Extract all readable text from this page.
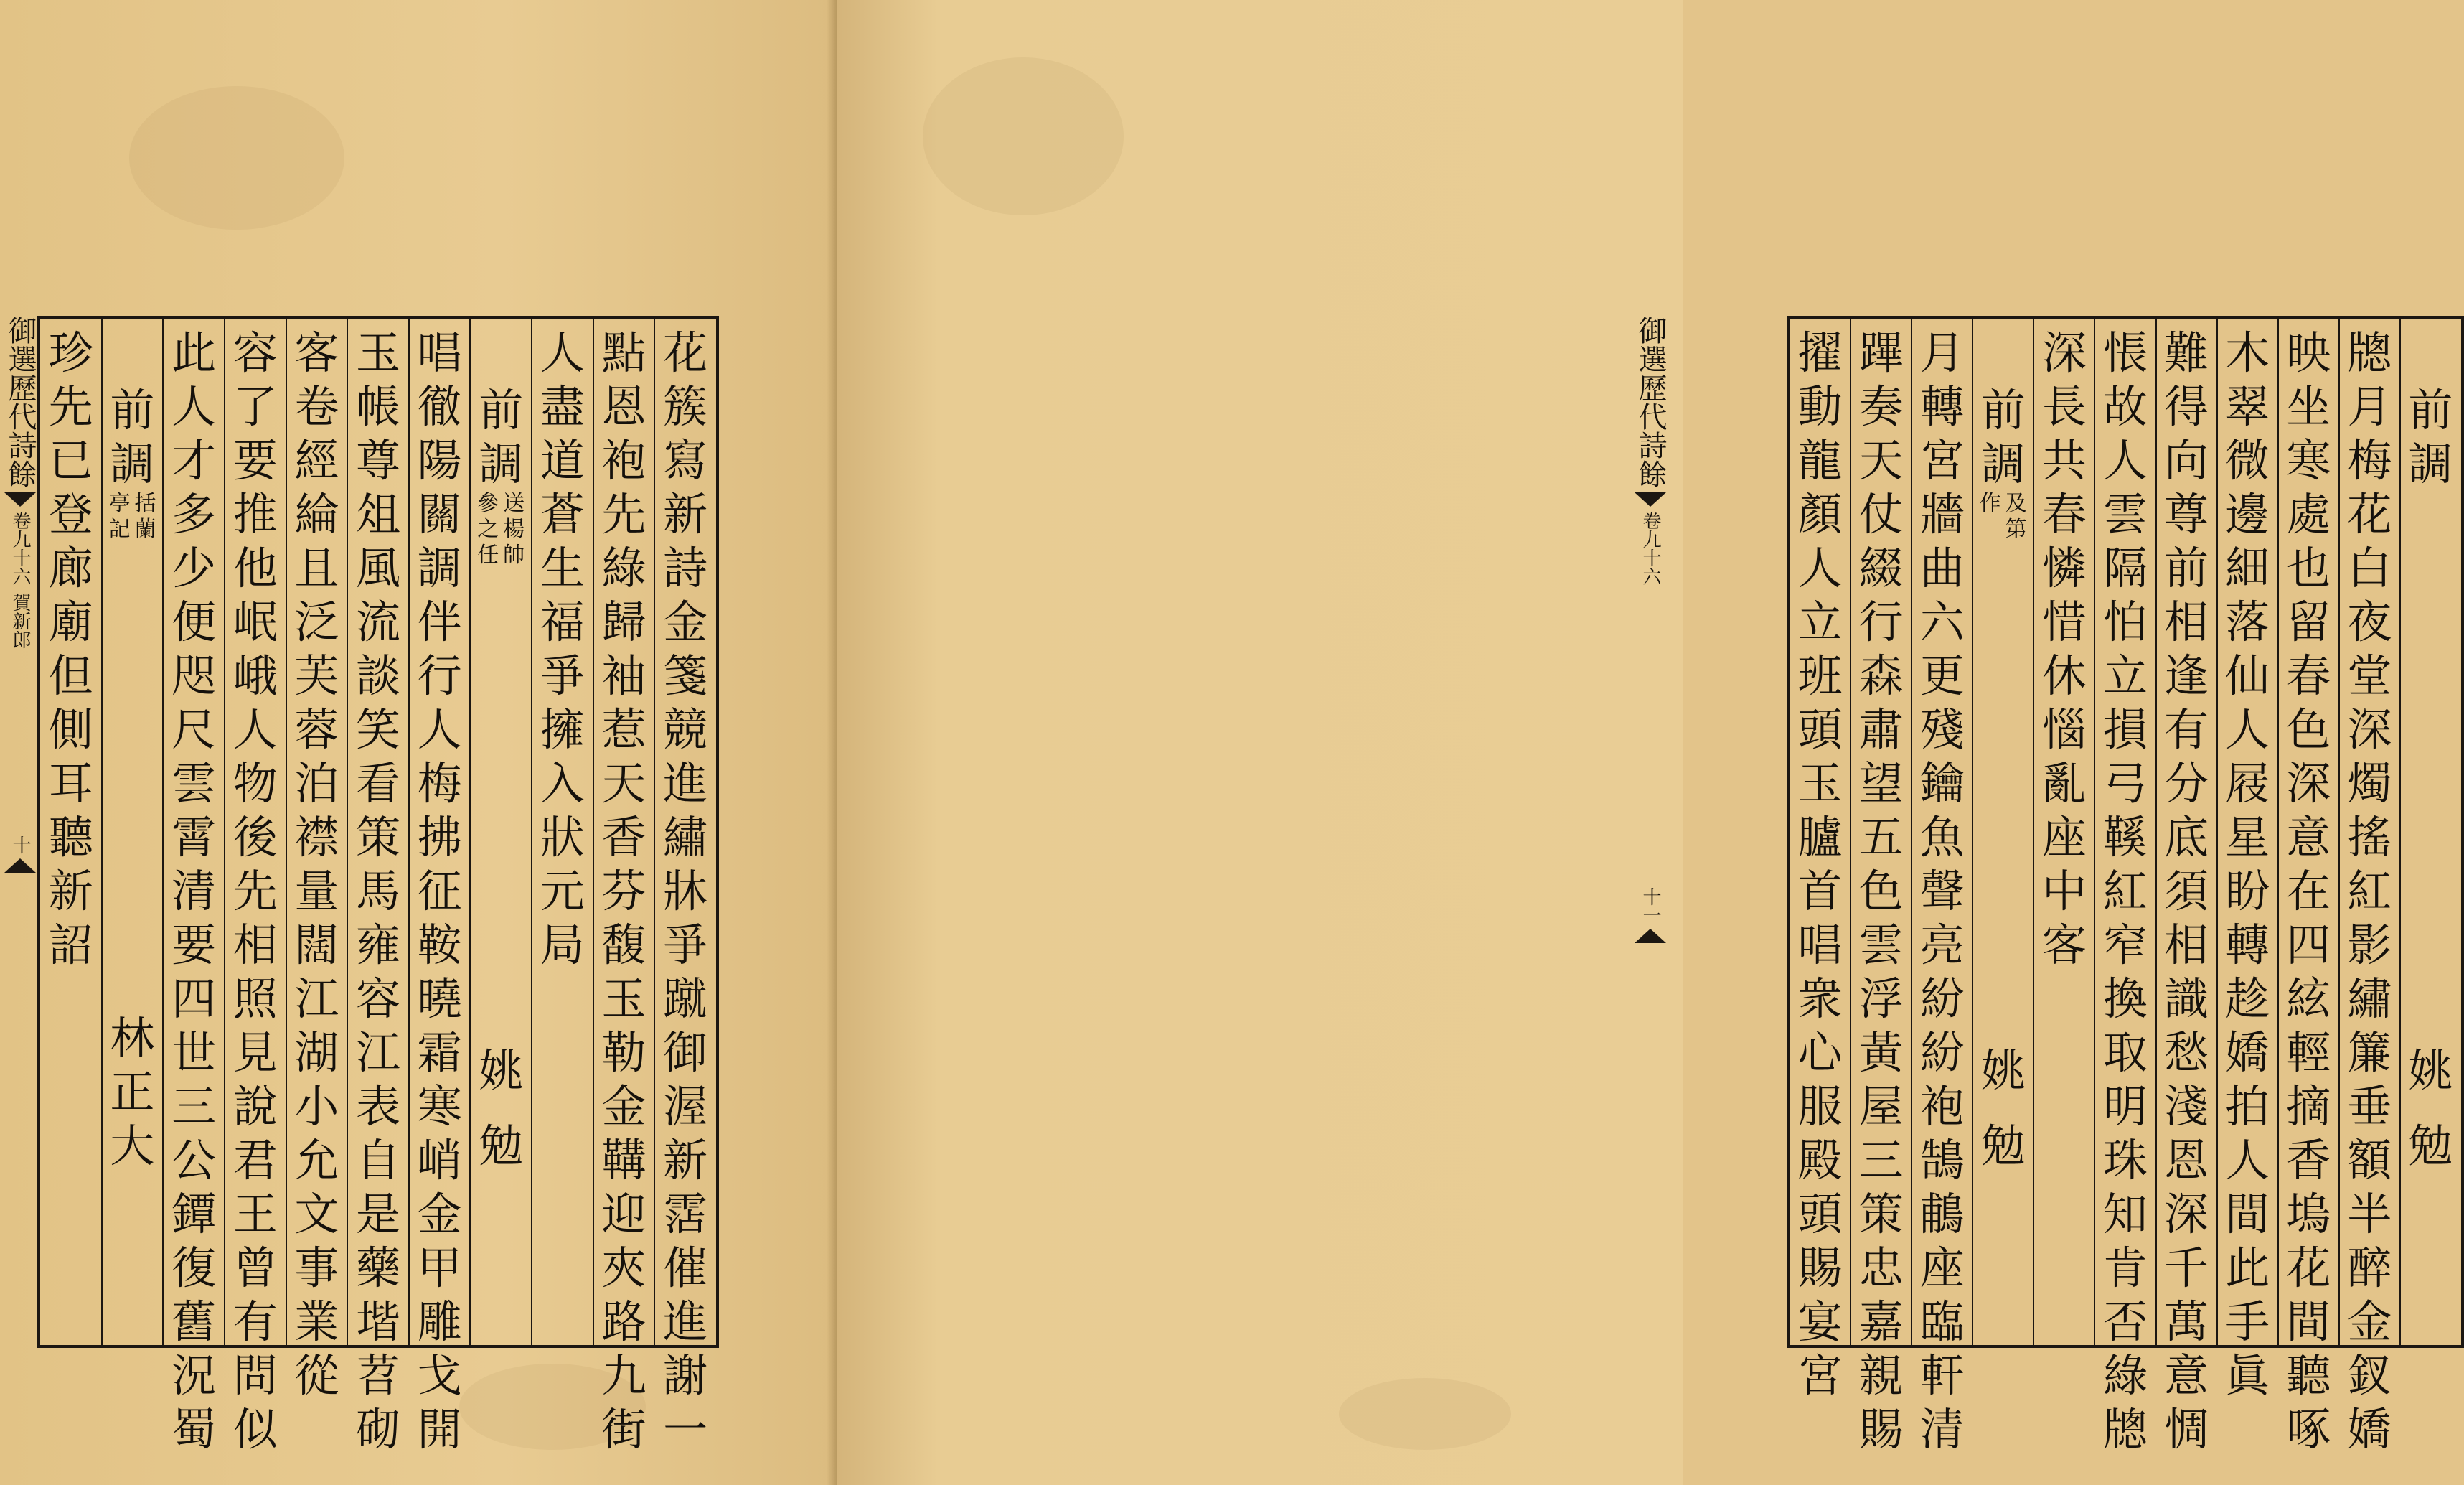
御選歷代詩餘
卷九十六
賀新郎
十
花
簇
寫
新
詩
金
箋
競
進
繡
牀
爭
蹴
御
渥
新
霑
催
進
謝
一
點
恩
袍
先
綠
歸
袖
惹
天
香
芬
馥
玉
勒
金
鞲
迎
夾
路
九
街
人
盡
道
蒼
生
福
爭
擁
入
狀
元
局
前
調
送
楊
帥
參
之
任
姚
勉
唱
徹
陽
關
調
伴
行
人
梅
拂
征
鞍
曉
霜
寒
峭
金
甲
雕
戈
開
玉
帳
尊
俎
風
流
談
笑
看
策
馬
雍
容
江
表
自
是
藥
堦
苕
砌
客
卷
經
綸
且
泛
芙
蓉
泊
襟
量
闊
江
湖
小
允
文
事
業
從
容
了
要
推
他
岷
峨
人
物
後
先
相
照
見
說
君
王
曾
有
問
似
此
人
才
多
少
便
咫
尺
雲
霄
清
要
四
世
三
公
鐔
復
舊
況
蜀
前
調
括
蘭
亭
記
林
正
大
珍
先
已
登
廊
廟
但
側
耳
聽
新
詔
前
調
姚
勉
牕
月
梅
花
白
夜
堂
深
燭
搖
紅
影
繡
簾
垂
額
半
醉
金
釵
嬌
映
坐
寒
處
也
留
春
色
深
意
在
四
絃
輕
摘
香
塢
花
間
聽
啄
木
翠
微
邊
細
落
仙
人
屐
星
盼
轉
趁
嬌
拍
人
間
此
手
眞
難
得
向
尊
前
相
逢
有
分
底
須
相
識
愁
淺
恩
深
千
萬
意
惆
悵
故
人
雲
隔
怕
立
損
弓
鞵
紅
窄
換
取
明
珠
知
肯
否
綠
牕
深
長
共
春
憐
惜
休
惱
亂
座
中
客
前
調
及
第
作
姚
勉
月
轉
宮
牆
曲
六
更
殘
鑰
魚
聲
亮
紛
紛
袍
鵠
鵏
座
臨
軒
清
蹕
奏
天
仗
綴
行
森
肅
望
五
色
雲
浮
黃
屋
三
策
忠
嘉
親
賜
擢
動
龍
顏
人
立
班
頭
玉
臚
首
唱
衆
心
服
殿
頭
賜
宴
宮
御選歷代詩餘
卷九十六
十一
